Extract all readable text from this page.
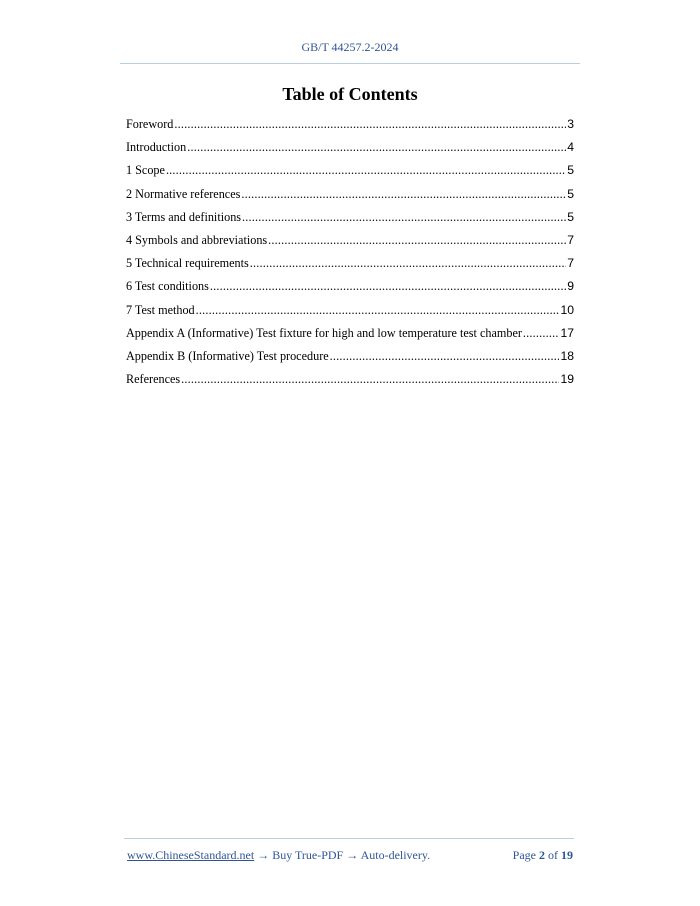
GB/T 44257.2-2024
Table of Contents
Foreword .....	3
Introduction .....	4
1 Scope .....	5
2 Normative references .....	5
3 Terms and definitions .....	5
4 Symbols and abbreviations .....	7
5 Technical requirements .....	7
6 Test conditions .....	9
7 Test method .....	10
Appendix A (Informative) Test fixture for high and low temperature test chamber .....	17
Appendix B (Informative) Test procedure .....	18
References .....	19
www.ChineseStandard.net → Buy True-PDF → Auto-delivery.	Page 2 of 19
